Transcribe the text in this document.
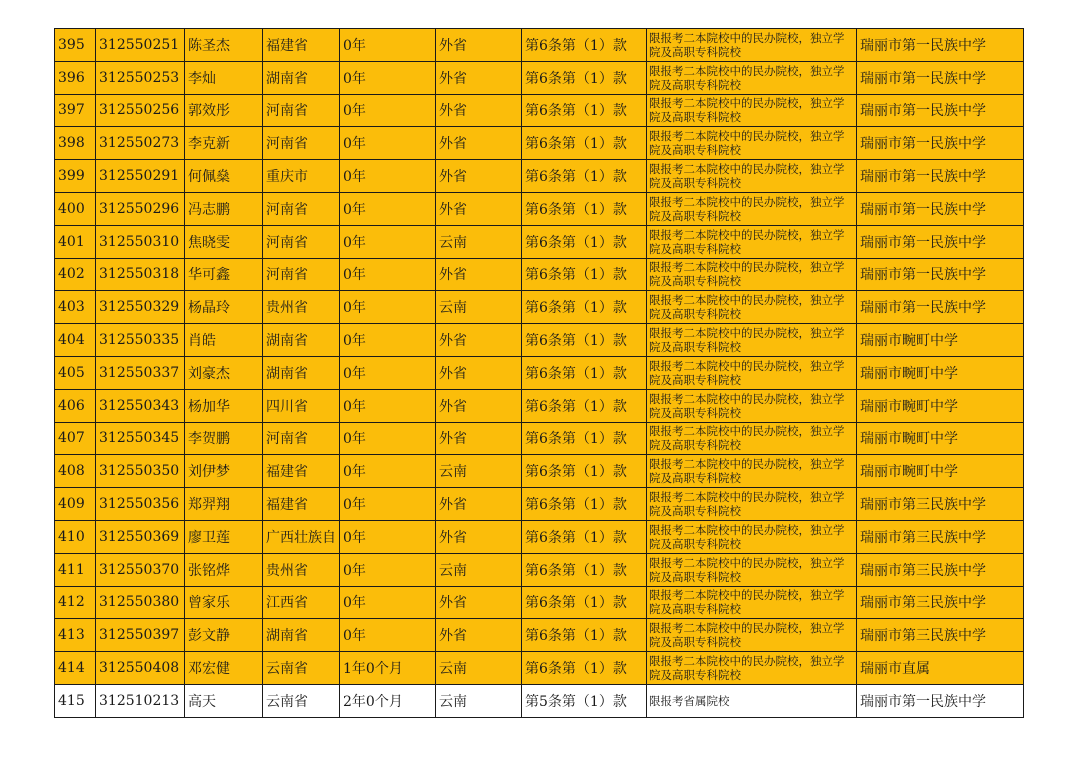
395	312550251	陈圣杰	福建省	0年	外省	第6条第（1）款	限报考二本院校中的民办院校，独立学院及高职专科院校	瑞丽市第一民族中学
396	312550253	李灿	湖南省	0年	外省	第6条第（1）款	限报考二本院校中的民办院校，独立学院及高职专科院校	瑞丽市第一民族中学
397	312550256	郭效彤	河南省	0年	外省	第6条第（1）款	限报考二本院校中的民办院校，独立学院及高职专科院校	瑞丽市第一民族中学
398	312550273	李克新	河南省	0年	外省	第6条第（1）款	限报考二本院校中的民办院校，独立学院及高职专科院校	瑞丽市第一民族中学
399	312550291	何佩燊	重庆市	0年	外省	第6条第（1）款	限报考二本院校中的民办院校，独立学院及高职专科院校	瑞丽市第一民族中学
400	312550296	冯志鹏	河南省	0年	外省	第6条第（1）款	限报考二本院校中的民办院校，独立学院及高职专科院校	瑞丽市第一民族中学
401	312550310	焦晓雯	河南省	0年	云南	第6条第（1）款	限报考二本院校中的民办院校，独立学院及高职专科院校	瑞丽市第一民族中学
402	312550318	华可鑫	河南省	0年	外省	第6条第（1）款	限报考二本院校中的民办院校，独立学院及高职专科院校	瑞丽市第一民族中学
403	312550329	杨晶玲	贵州省	0年	云南	第6条第（1）款	限报考二本院校中的民办院校，独立学院及高职专科院校	瑞丽市第一民族中学
404	312550335	肖皓	湖南省	0年	外省	第6条第（1）款	限报考二本院校中的民办院校，独立学院及高职专科院校	瑞丽市畹町中学
405	312550337	刘豪杰	湖南省	0年	外省	第6条第（1）款	限报考二本院校中的民办院校，独立学院及高职专科院校	瑞丽市畹町中学
406	312550343	杨加华	四川省	0年	外省	第6条第（1）款	限报考二本院校中的民办院校，独立学院及高职专科院校	瑞丽市畹町中学
407	312550345	李贺鹏	河南省	0年	外省	第6条第（1）款	限报考二本院校中的民办院校，独立学院及高职专科院校	瑞丽市畹町中学
408	312550350	刘伊梦	福建省	0年	云南	第6条第（1）款	限报考二本院校中的民办院校，独立学院及高职专科院校	瑞丽市畹町中学
409	312550356	郑羿翔	福建省	0年	外省	第6条第（1）款	限报考二本院校中的民办院校，独立学院及高职专科院校	瑞丽市第三民族中学
410	312550369	廖卫莲	广西壮族自	0年	外省	第6条第（1）款	限报考二本院校中的民办院校，独立学院及高职专科院校	瑞丽市第三民族中学
411	312550370	张铭烨	贵州省	0年	云南	第6条第（1）款	限报考二本院校中的民办院校，独立学院及高职专科院校	瑞丽市第三民族中学
412	312550380	曾家乐	江西省	0年	外省	第6条第（1）款	限报考二本院校中的民办院校，独立学院及高职专科院校	瑞丽市第三民族中学
413	312550397	彭文静	湖南省	0年	外省	第6条第（1）款	限报考二本院校中的民办院校，独立学院及高职专科院校	瑞丽市第三民族中学
414	312550408	邓宏健	云南省	1年0个月	云南	第6条第（1）款	限报考二本院校中的民办院校，独立学院及高职专科院校	瑞丽市直属
415	312510213	高天	云南省	2年0个月	云南	第5条第（1）款	限报考省属院校	瑞丽市第一民族中学
